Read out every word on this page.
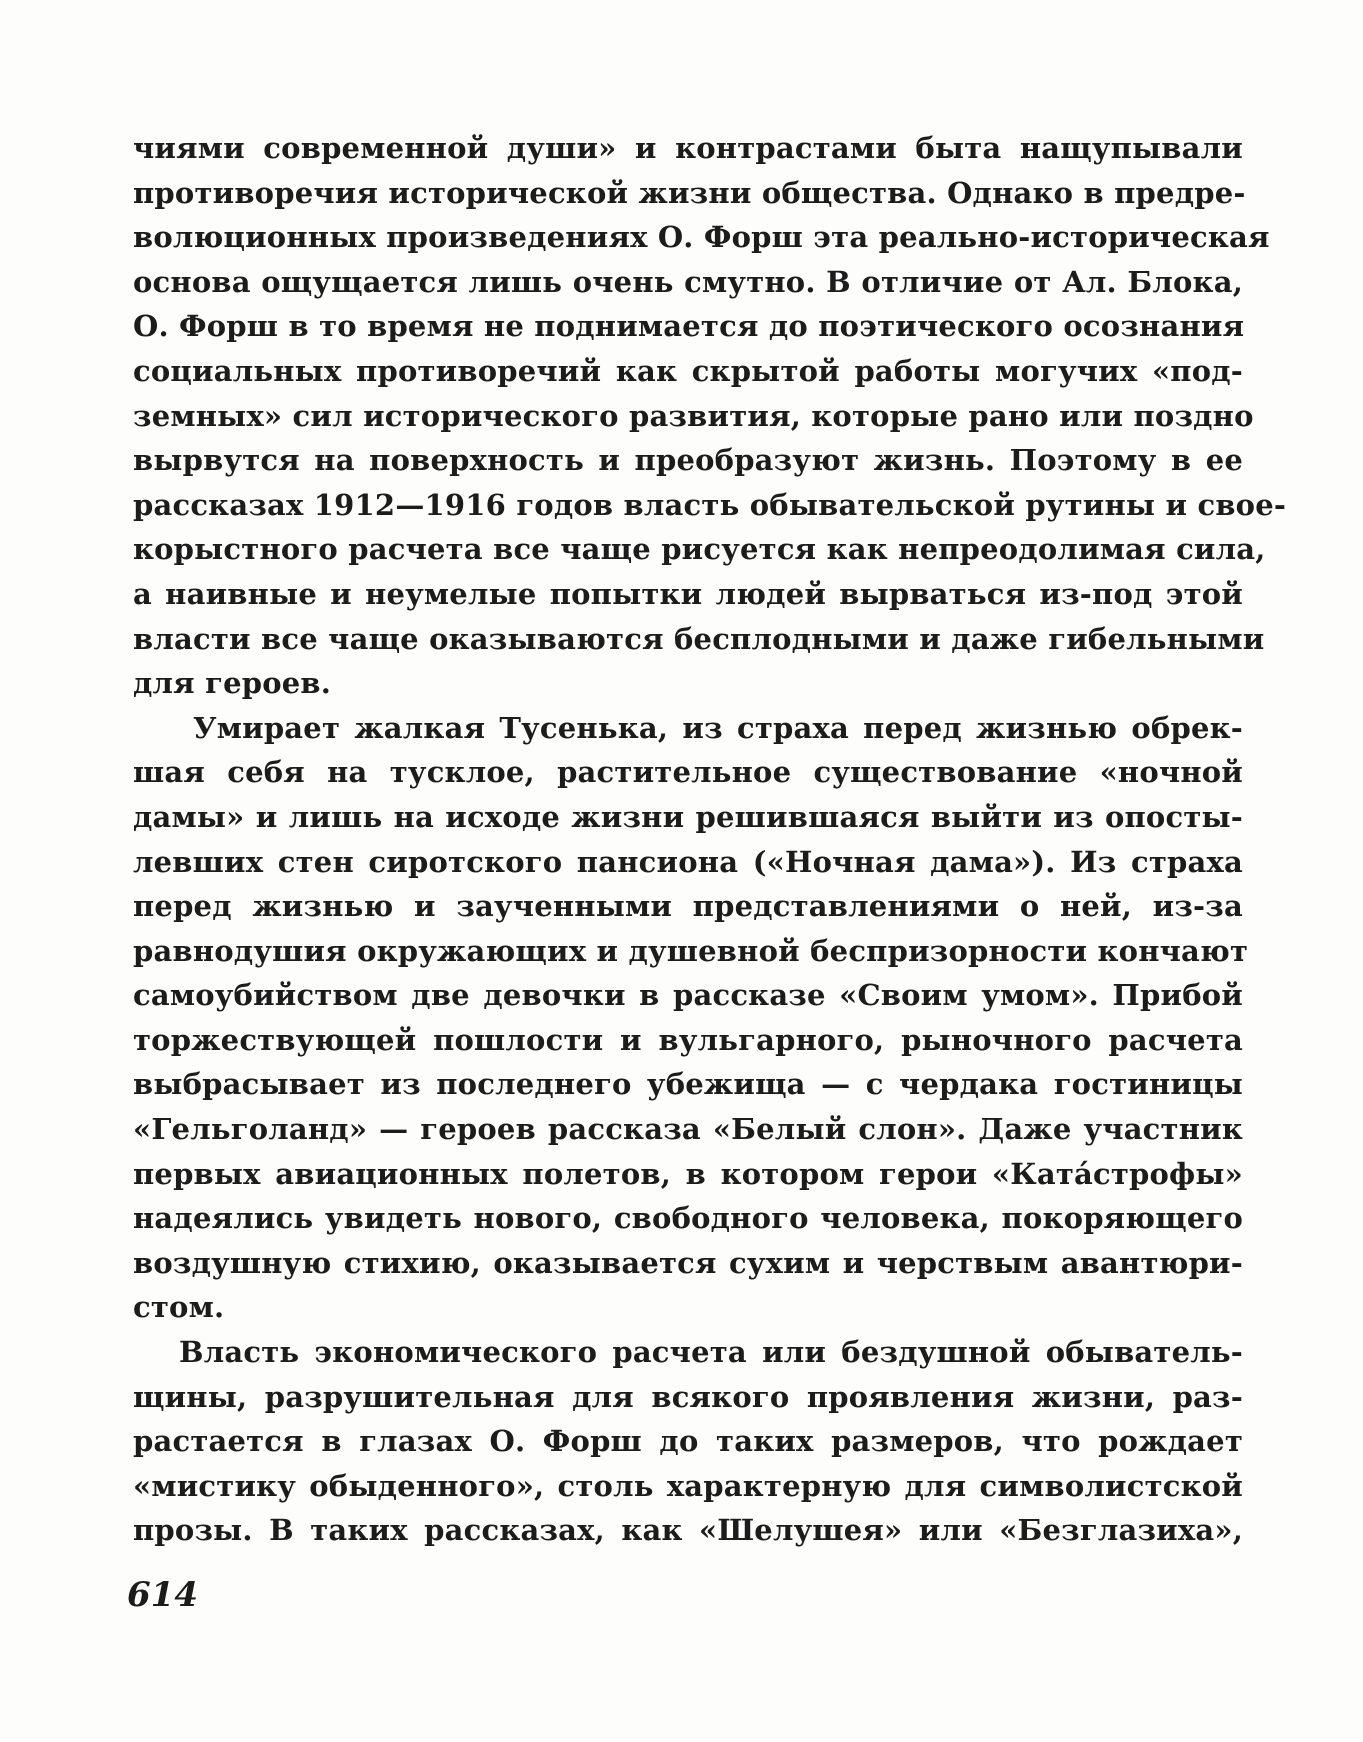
чиями современной души» и контрастами быта нащупывали
противоречия исторической жизни общества. Однако в предре-
волюционных произведениях О. Форш эта реально-историческая
основа ощущается лишь очень смутно. В отличие от Ал. Блока,
О. Форш в то время не поднимается до поэтического осознания
социальных противоречий как скрытой работы могучих «под-
земных» сил исторического развития, которые рано или поздно
вырвутся на поверхность и преобразуют жизнь. Поэтому в ее
рассказах 1912—1916 годов власть обывательской рутины и свое-
корыстного расчета все чаще рисуется как непреодолимая сила,
а наивные и неумелые попытки людей вырваться из-под этой
власти все чаще оказываются бесплодными и даже гибельными
для героев.
Умирает жалкая Тусенька, из страха перед жизнью обрек-
шая себя на тусклое, растительное существование «ночной
дамы» и лишь на исходе жизни решившаяся выйти из опосты-
левших стен сиротского пансиона («Ночная дама»). Из страха
перед жизнью и заученными представлениями о ней, из-за
равнодушия окружающих и душевной беспризорности кончают
самоубийством две девочки в рассказе «Своим умом». Прибой
торжествующей пошлости и вульгарного, рыночного расчета
выбрасывает из последнего убежища — с чердака гостиницы
«Гельголанд» — героев рассказа «Белый слон». Даже участник
первых авиационных полетов, в котором герои «Катáстрофы»
надеялись увидеть нового, свободного человека, покоряющего
воздушную стихию, оказывается сухим и черствым авантюри-
стом.
Власть экономического расчета или бездушной обыватель-
щины, разрушительная для всякого проявления жизни, раз-
растается в глазах О. Форш до таких размеров, что рождает
«мистику обыденного», столь характерную для символистской
прозы. В таких рассказах, как «Шелушея» или «Безглазиха»,
614
